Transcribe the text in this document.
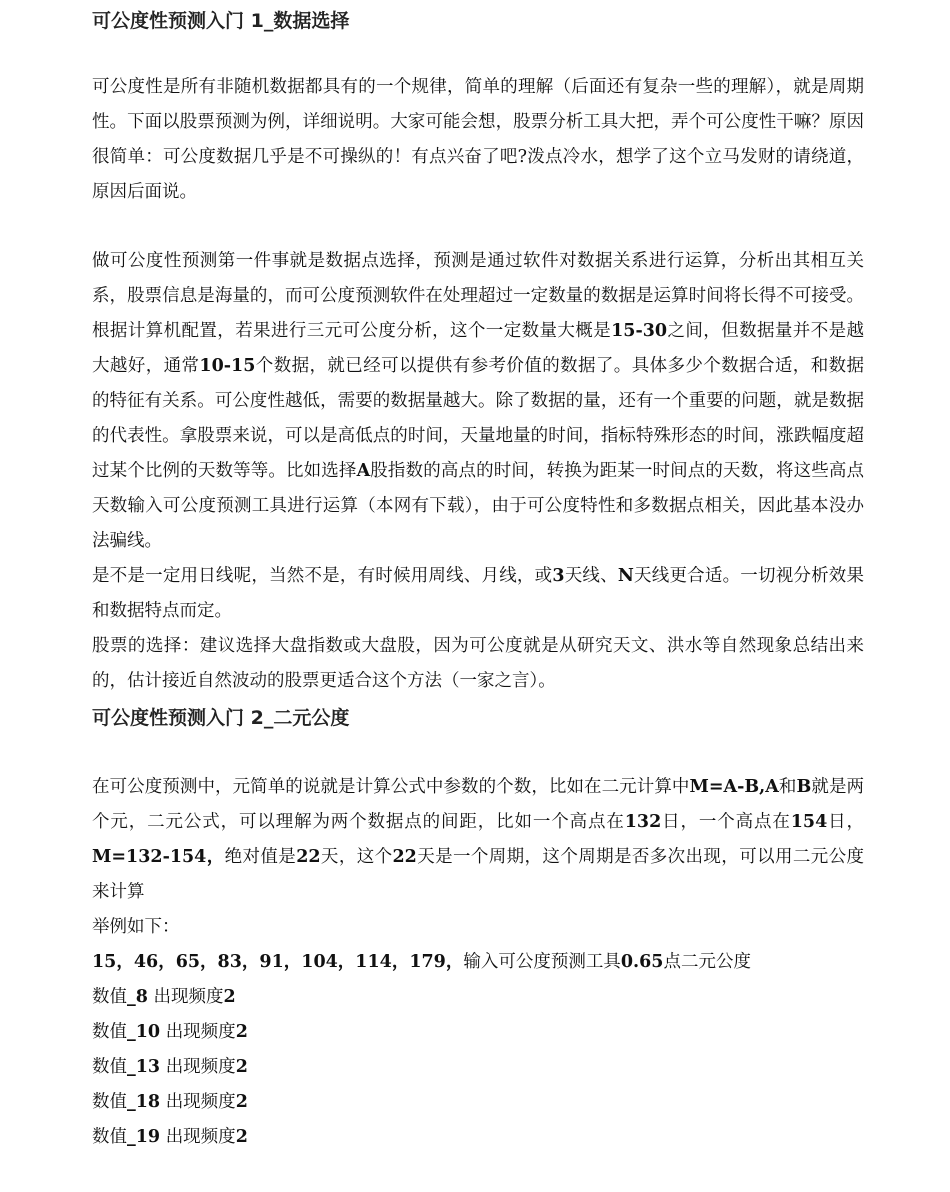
可公度性预测入门 1_数据选择

可公度性是所有非随机数据都具有的一个规律，简单的理解（后面还有复杂一些的理解），就是周期性。下面以股票预测为例，详细说明。大家可能会想，股票分析工具大把，弄个可公度性干嘛？原因很简单：可公度数据几乎是不可操纵的！有点兴奋了吧?泼点冷水，想学了这个立马发财的请绕道，原因后面说。

做可公度性预测第一件事就是数据点选择，预测是通过软件对数据关系进行运算，分析出其相互关系，股票信息是海量的，而可公度预测软件在处理超过一定数量的数据是运算时间将长得不可接受。根据计算机配置，若果进行三元可公度分析，这个一定数量大概是15-30之间，但数据量并不是越大越好，通常10-15个数据，就已经可以提供有参考价值的数据了。具体多少个数据合适，和数据的特征有关系。可公度性越低，需要的数据量越大。除了数据的量，还有一个重要的问题，就是数据的代表性。拿股票来说，可以是高低点的时间，天量地量的时间，指标特殊形态的时间，涨跌幅度超过某个比例的天数等等。比如选择A股指数的高点的时间，转换为距某一时间点的天数，将这些高点天数输入可公度预测工具进行运算（本网有下载），由于可公度特性和多数据点相关，因此基本没办法骗线。

是不是一定用日线呢，当然不是，有时候用周线、月线，或3天线、N天线更合适。一切视分析效果和数据特点而定。

股票的选择：建议选择大盘指数或大盘股，因为可公度就是从研究天文、洪水等自然现象总结出来的，估计接近自然波动的股票更适合这个方法（一家之言）。

可公度性预测入门 2_二元公度

在可公度预测中，元简单的说就是计算公式中参数的个数，比如在二元计算中M=A-B,A和B就是两个元，二元公式，可以理解为两个数据点的间距，比如一个高点在132日，一个高点在154日，M=132-154，绝对值是22天，这个22天是一个周期，这个周期是否多次出现，可以用二元公度来计算

举例如下：

15，46，65，83，91，104，114，179，输入可公度预测工具0.65点二元公度

数值_8 出现频度2

数值_10 出现频度2

数值_13 出现频度2

数值_18 出现频度2

数值_19 出现频度2
